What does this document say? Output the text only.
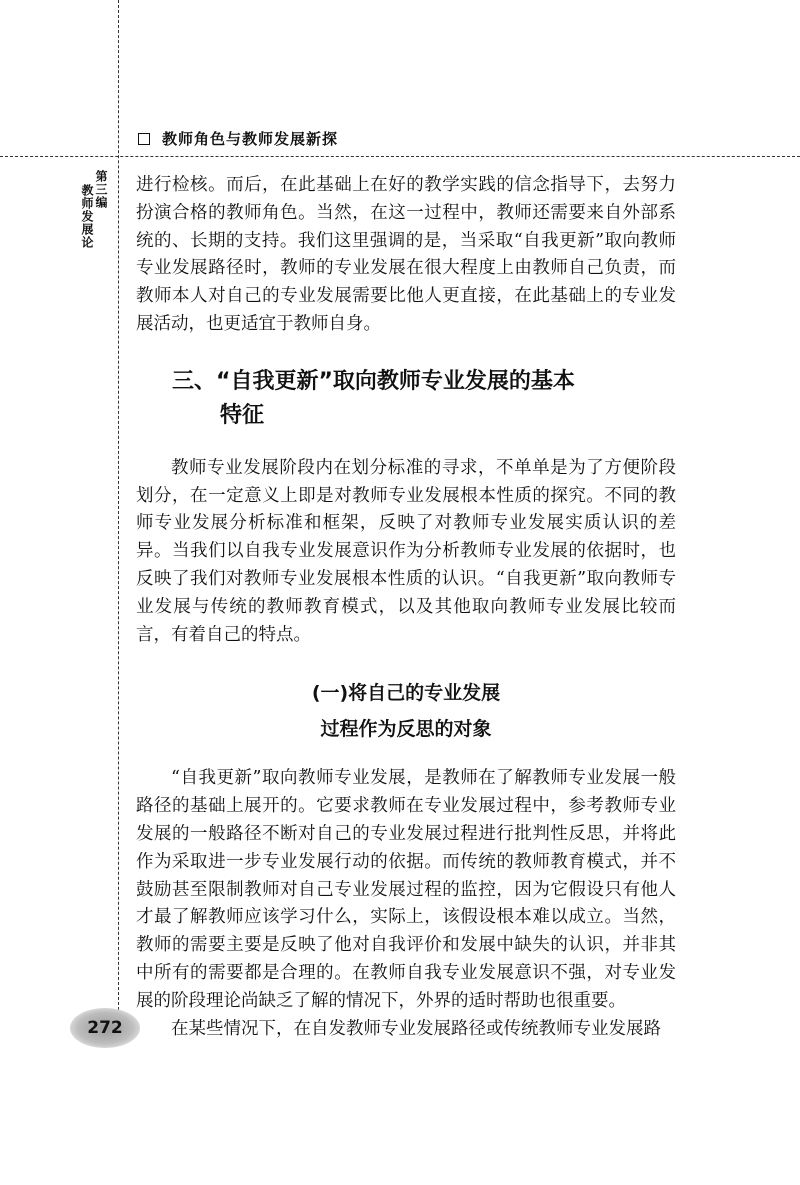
教师角色与教师发展新探
第三编
教师发展论 进行检核。而后，在此基础上在好的教学实践的信念指导下，去努力扮演合格的教师角色。当然，在这一过程中，教师还需要来自外部系统的、长期的支持。我们这里强调的是，当采取“自我更新”取向教师专业发展路径时，教师的专业发展在很大程度上由教师自己负责，而教师本人对自己的专业发展需要比他人更直接，在此基础上的专业发展活动，也更适宜于教师自身。

三、“自我更新”取向教师专业发展的基本
特征

教师专业发展阶段内在划分标准的寻求，不单单是为了方便阶段划分，在一定意义上即是对教师专业发展根本性质的探究。不同的教师专业发展分析标准和框架，反映了对教师专业发展实质认识的差异。当我们以自我专业发展意识作为分析教师专业发展的依据时，也反映了我们对教师专业发展根本性质的认识。“自我更新”取向教师专业发展与传统的教师教育模式，以及其他取向教师专业发展比较而言，有着自己的特点。

(一)将自己的专业发展
过程作为反思的对象

“自我更新”取向教师专业发展，是教师在了解教师专业发展一般路径的基础上展开的。它要求教师在专业发展过程中，参考教师专业发展的一般路径不断对自己的专业发展过程进行批判性反思，并将此作为采取进一步专业发展行动的依据。而传统的教师教育模式，并不鼓励甚至限制教师对自己专业发展过程的监控，因为它假设只有他人才最了解教师应该学习什么，实际上，该假设根本难以成立。当然，教师的需要主要是反映了他对自我评价和发展中缺失的认识，并非其中所有的需要都是合理的。在教师自我专业发展意识不强，对专业发展的阶段理论尚缺乏了解的情况下，外界的适时帮助也很重要。

在某些情况下，在自发教师专业发展路径或传统教师专业发展路

272
